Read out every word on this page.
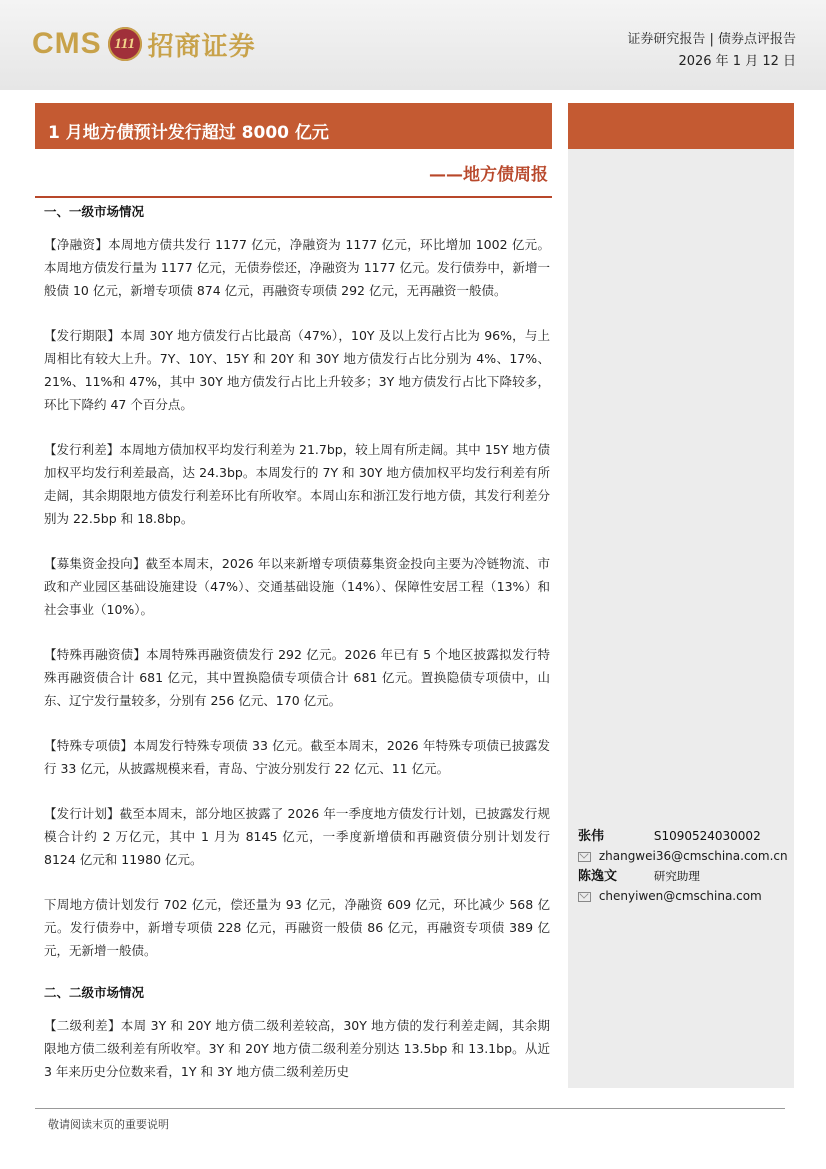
CMS 111 招商证券	证券研究报告 | 债券点评报告
2026 年 1 月 12 日
1 月地方债预计发行超过 8000 亿元
——地方债周报

一、一级市场情况

【净融资】本周地方债共发行 1177 亿元，净融资为 1177 亿元，环比增加 1002 亿元。本周地方债发行量为 1177 亿元，无债券偿还，净融资为 1177 亿元。发行债券中，新增一般债 10 亿元，新增专项债 874 亿元，再融资专项债 292 亿元，无再融资一般债。

【发行期限】本周 30Y 地方债发行占比最高（47%），10Y 及以上发行占比为 96%，与上周相比有较大上升。7Y、10Y、15Y 和 20Y 和 30Y 地方债发行占比分别为 4%、17%、21%、11%和 47%，其中 30Y 地方债发行占比上升较多；3Y 地方债发行占比下降较多，环比下降约 47 个百分点。

【发行利差】本周地方债加权平均发行利差为 21.7bp，较上周有所走阔。其中 15Y 地方债加权平均发行利差最高，达 24.3bp。本周发行的 7Y 和 30Y 地方债加权平均发行利差有所走阔，其余期限地方债发行利差环比有所收窄。本周山东和浙江发行地方债，其发行利差分别为 22.5bp 和 18.8bp。

【募集资金投向】截至本周末，2026 年以来新增专项债募集资金投向主要为冷链物流、市政和产业园区基础设施建设（47%）、交通基础设施（14%）、保障性安居工程（13%）和社会事业（10%）。

【特殊再融资债】本周特殊再融资债发行 292 亿元。2026 年已有 5 个地区披露拟发行特殊再融资债合计 681 亿元，其中置换隐债专项债合计 681 亿元。置换隐债专项债中，山东、辽宁发行量较多，分别有 256 亿元、170 亿元。

【特殊专项债】本周发行特殊专项债 33 亿元。截至本周末，2026 年特殊专项债已披露发行 33 亿元，从披露规模来看，青岛、宁波分别发行 22 亿元、11 亿元。

【发行计划】截至本周末，部分地区披露了 2026 年一季度地方债发行计划，已披露发行规模合计约 2 万亿元，其中 1 月为 8145 亿元，一季度新增债和再融资债分别计划发行 8124 亿元和 11980 亿元。

下周地方债计划发行 702 亿元，偿还量为 93 亿元，净融资 609 亿元，环比减少 568 亿元。发行债券中，新增专项债 228 亿元，再融资一般债 86 亿元，再融资专项债 389 亿元，无新增一般债。

二、二级市场情况

【二级利差】本周 3Y 和 20Y 地方债二级利差较高，30Y 地方债的发行利差走阔，其余期限地方债二级利差有所收窄。3Y 和 20Y 地方债二级利差分别达 13.5bp 和 13.1bp。从近 3 年来历史分位数来看，1Y 和 3Y 地方债二级利差历史

张伟	S1090524030002
zhangwei36@cmschina.com.cn
陈逸文	研究助理
chenyiwen@cmschina.com
敬请阅读末页的重要说明
